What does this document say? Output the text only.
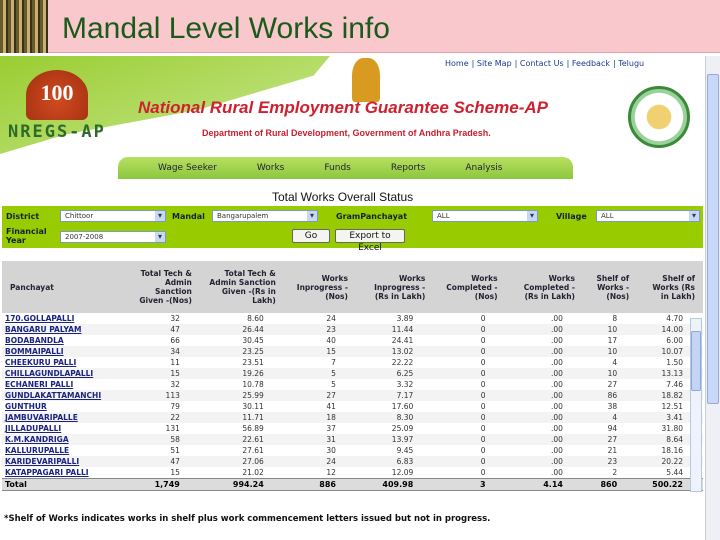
Mandal Level Works info
100
NREGS-AP
Home | Site Map | Contact Us | Feedback | Telugu
National Rural Employment Guarantee Scheme-AP
Department of Rural Development, Government of Andhra Pradesh.
Wage Seeker	Works	Funds	Reports	Analysis
Total Works Overall Status
District	Chittoor ▾	Mandal	Bangarupalem ▾	GramPanchayat	ALL ▾	Village	ALL ▾
Financial Year	2007-2008 ▾	Go	Export to Excel
Panchayat	Total Tech & Admin Sanction Given -(Nos)	Total Tech & Admin Sanction Given -(Rs in Lakh)	Works Inprogress -(Nos)	Works Inprogress -(Rs in Lakh)	Works Completed -(Nos)	Works Completed -(Rs in Lakh)	Shelf of Works -(Nos)	Shelf of Works (Rs in Lakh)
170.GOLLAPALLI	32	8.60	24	3.89	0	.00	8	4.70
BANGARU PALYAM	47	26.44	23	11.44	0	.00	10	14.00
BODABANDLA	66	30.45	40	24.41	0	.00	17	6.00
BOMMAIPALLI	34	23.25	15	13.02	0	.00	10	10.07
CHEEKURU PALLI	11	23.51	7	22.22	0	.00	4	1.50
CHILLAGUNDLAPALLI	15	19.26	5	6.25	0	.00	10	13.13
ECHANERI PALLI	32	10.78	5	3.32	0	.00	27	7.46
GUNDLAKATTAMANCHI	113	25.99	27	7.17	0	.00	86	18.82
GUNTHUR	79	30.11	41	17.60	0	.00	38	12.51
JAMBUVARIPALLE	22	11.71	18	8.30	0	.00	4	3.41
JILLADUPALLI	131	56.89	37	25.09	0	.00	94	31.80
K.M.KANDRIGA	58	22.61	31	13.97	0	.00	27	8.64
KALLURUPALLE	51	27.61	30	9.45	0	.00	21	18.16
KARIDEVARIPALLI	47	27.06	24	6.83	0	.00	23	20.22
KATAPPAGARI PALLI	15	21.02	12	12.09	0	.00	2	5.44
Total	1,749	994.24	886	409.98	3	4.14	860	500.22
*Shelf of Works indicates works in shelf plus work commencement letters issued but not in progress.
